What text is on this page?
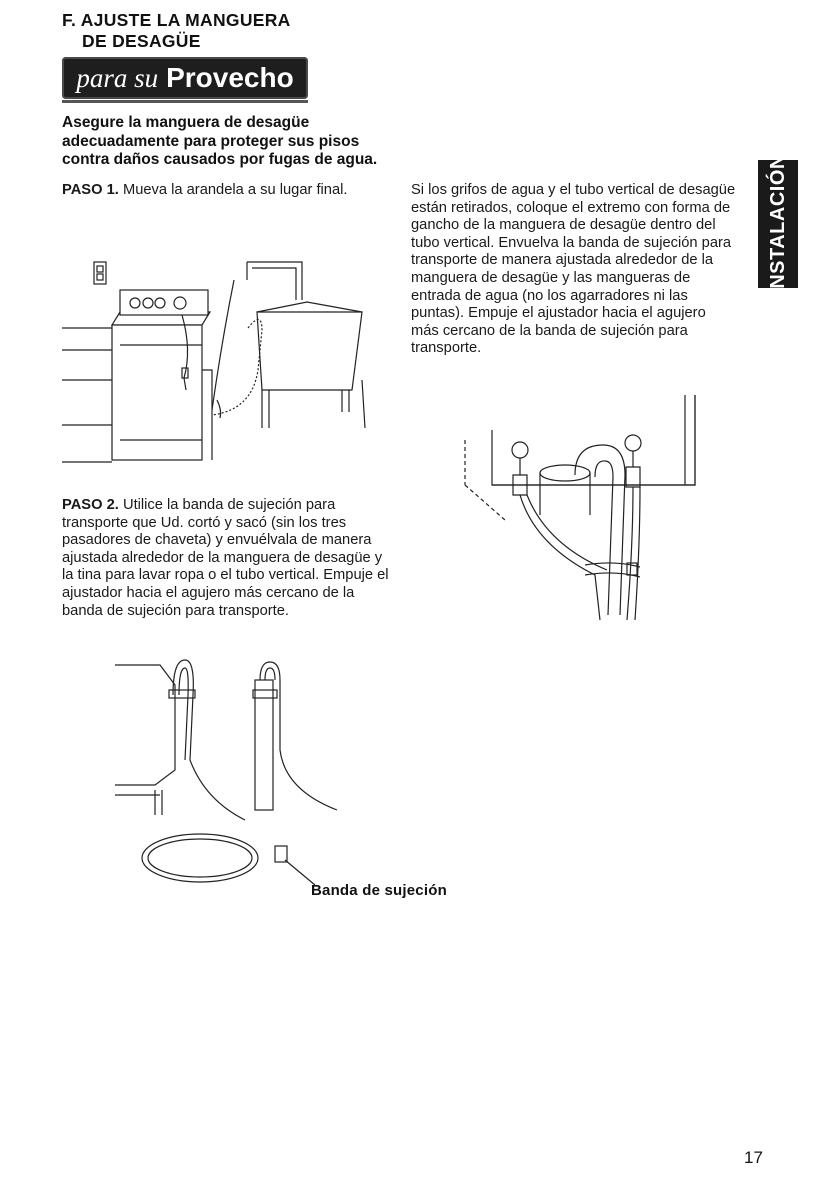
F. AJUSTE LA MANGUERA
DE DESAGÜE
para su Provecho
Asegure la manguera de desagüe adecuadamente para proteger sus pisos contra daños causados por fugas de agua.
PASO 1. Mueva la arandela a su lugar final.	Si los grifos de agua y el tubo vertical de desagüe están retirados, coloque el extremo con forma de gancho de la manguera de desagüe dentro del tubo vertical. Envuelva la banda de sujeción para transporte de manera ajustada alrededor de la manguera de desagüe y las mangueras de entrada de agua (no los agarradores ni las puntas). Empuje el ajustador hacia el agujero más cercano de la banda de sujeción para transporte.
INSTALACIÓN
PASO 2. Utilice la banda de sujeción para transporte que Ud. cortó y sacó (sin los tres pasadores de chaveta) y envuélvala de manera ajustada alrededor de la manguera de desagüe y la tina para lavar ropa o el tubo vertical. Empuje el ajustador hacia el agujero más cercano de la banda de sujeción para transporte.
Banda de sujeción
17
